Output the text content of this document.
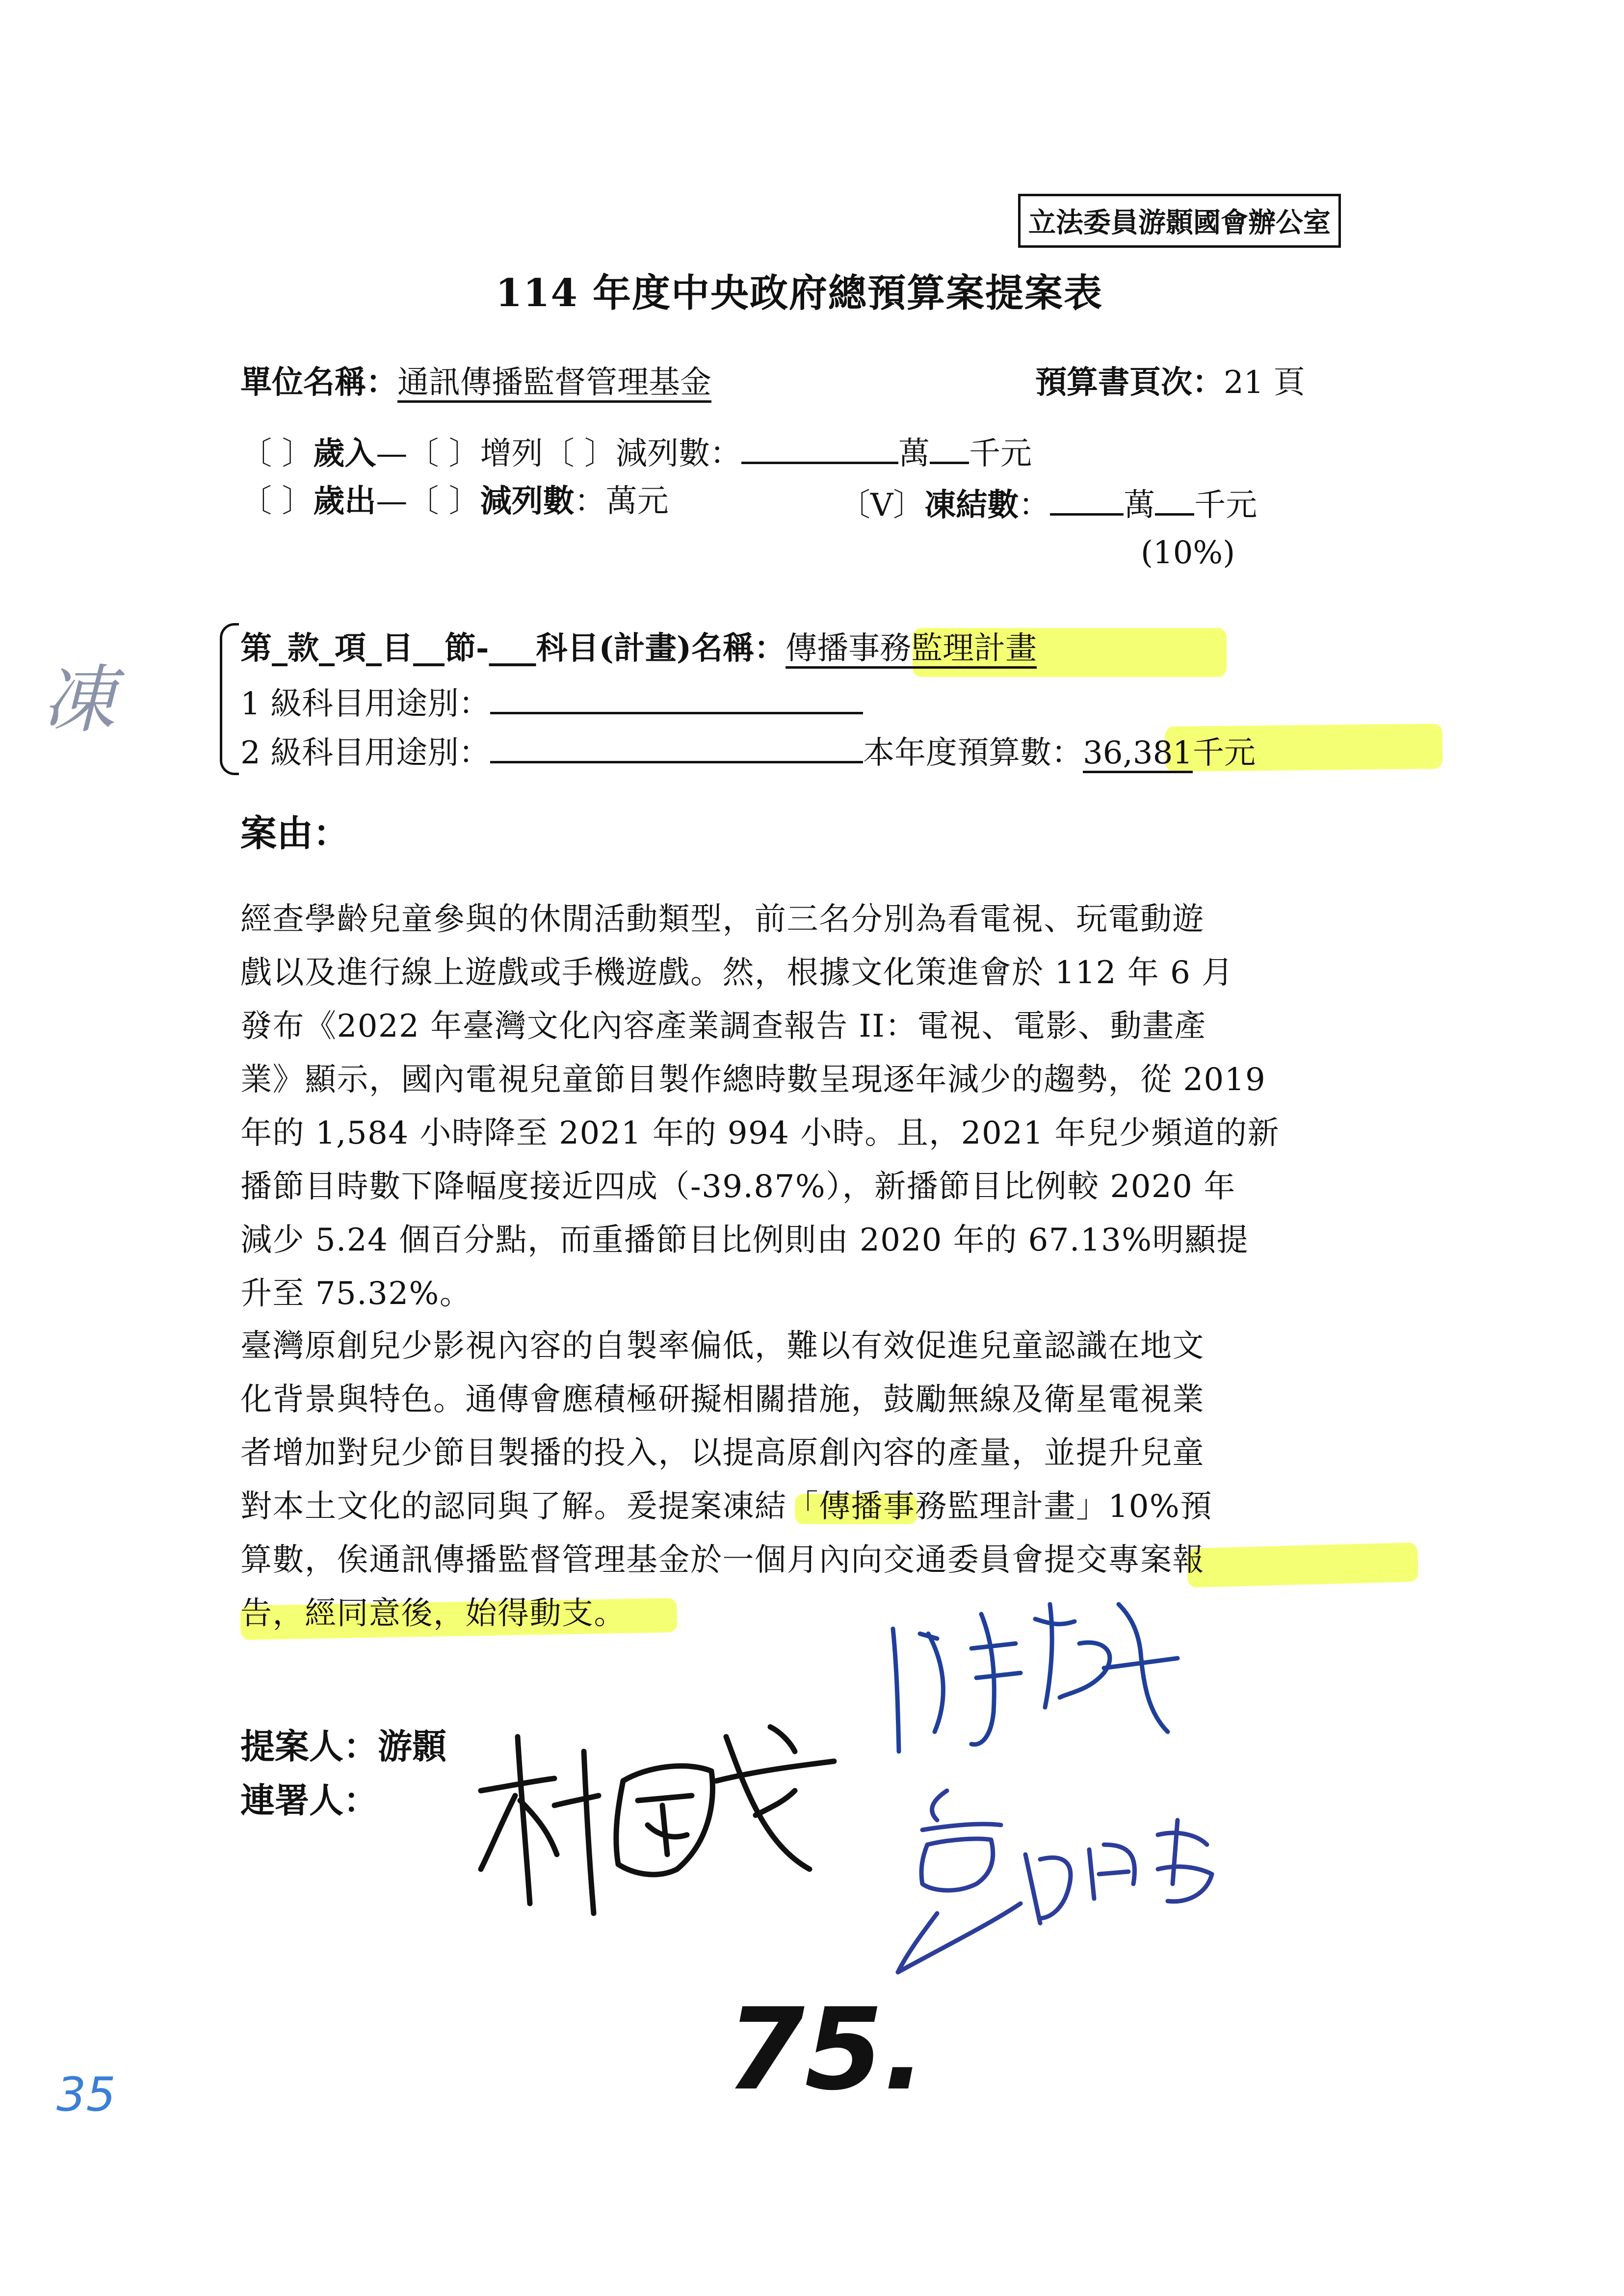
立法委員游顥國會辦公室
114 年度中央政府總預算案提案表
單位名稱：通訊傳播監督管理基金	預算書頁次：21 頁
〔 〕歲入—〔 〕增列〔 〕減列數：	萬 千元
〔 〕歲出—〔 〕減列數：萬元	〔V〕凍結數： 萬 千元
(10%)
第_款_項_目__節-___科目(計畫)名稱：傳播事務監理計畫
1 級科目用途別：
2 級科目用途別：	本年度預算數：36,381千元
案由：
經查學齡兒童參與的休閒活動類型，前三名分別為看電視、玩電動遊
戲以及進行線上遊戲或手機遊戲。然，根據文化策進會於 112 年 6 月
發布《2022 年臺灣文化內容產業調查報告 II：電視、電影、動畫產
業》顯示，國內電視兒童節目製作總時數呈現逐年減少的趨勢，從 2019
年的 1,584 小時降至 2021 年的 994 小時。且，2021 年兒少頻道的新
播節目時數下降幅度接近四成（-39.87%），新播節目比例較 2020 年
減少 5.24 個百分點，而重播節目比例則由 2020 年的 67.13%明顯提
升至 75.32%。
臺灣原創兒少影視內容的自製率偏低，難以有效促進兒童認識在地文
化背景與特色。通傳會應積極研擬相關措施，鼓勵無線及衛星電視業
者增加對兒少節目製播的投入，以提高原創內容的產量，並提升兒童
對本土文化的認同與了解。爰提案凍結「傳播事務監理計畫」10%預
算數，俟通訊傳播監督管理基金於一個月內向交通委員會提交專案報
告，經同意後，始得動支。
提案人：游顥
連署人：
凍
75.
35
